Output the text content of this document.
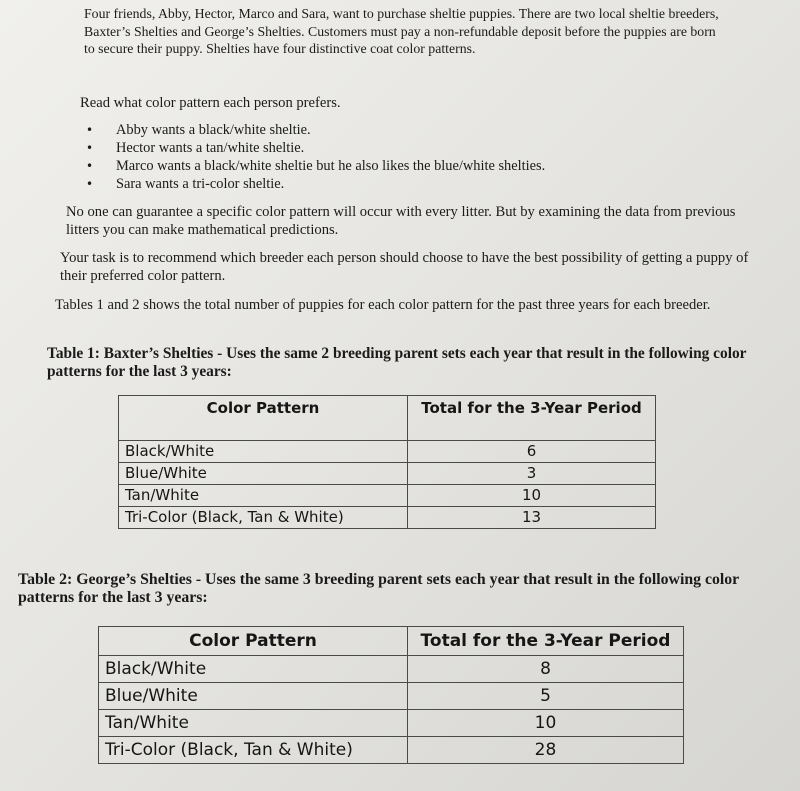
Four friends, Abby, Hector, Marco and Sara, want to purchase sheltie puppies. There are two local sheltie breeders, Baxter’s Shelties and George’s Shelties. Customers must pay a non-refundable deposit before the puppies are born to secure their puppy. Shelties have four distinctive coat color patterns.

Read what color pattern each person prefers.

• Abby wants a black/white sheltie.
• Hector wants a tan/white sheltie.
• Marco wants a black/white sheltie but he also likes the blue/white shelties.
• Sara wants a tri-color sheltie.

No one can guarantee a specific color pattern will occur with every litter. But by examining the data from previous litters you can make mathematical predictions.

Your task is to recommend which breeder each person should choose to have the best possibility of getting a puppy of their preferred color pattern.

Tables 1 and 2 shows the total number of puppies for each color pattern for the past three years for each breeder.

Table 1: Baxter’s Shelties - Uses the same 2 breeding parent sets each year that result in the following color patterns for the last 3 years:

Color Pattern	Total for the 3-Year Period
Black/White	6
Blue/White	3
Tan/White	10
Tri-Color (Black, Tan & White)	13

Table 2: George’s Shelties - Uses the same 3 breeding parent sets each year that result in the following color patterns for the last 3 years:

Color Pattern	Total for the 3-Year Period
Black/White	8
Blue/White	5
Tan/White	10
Tri-Color (Black, Tan & White)	28
